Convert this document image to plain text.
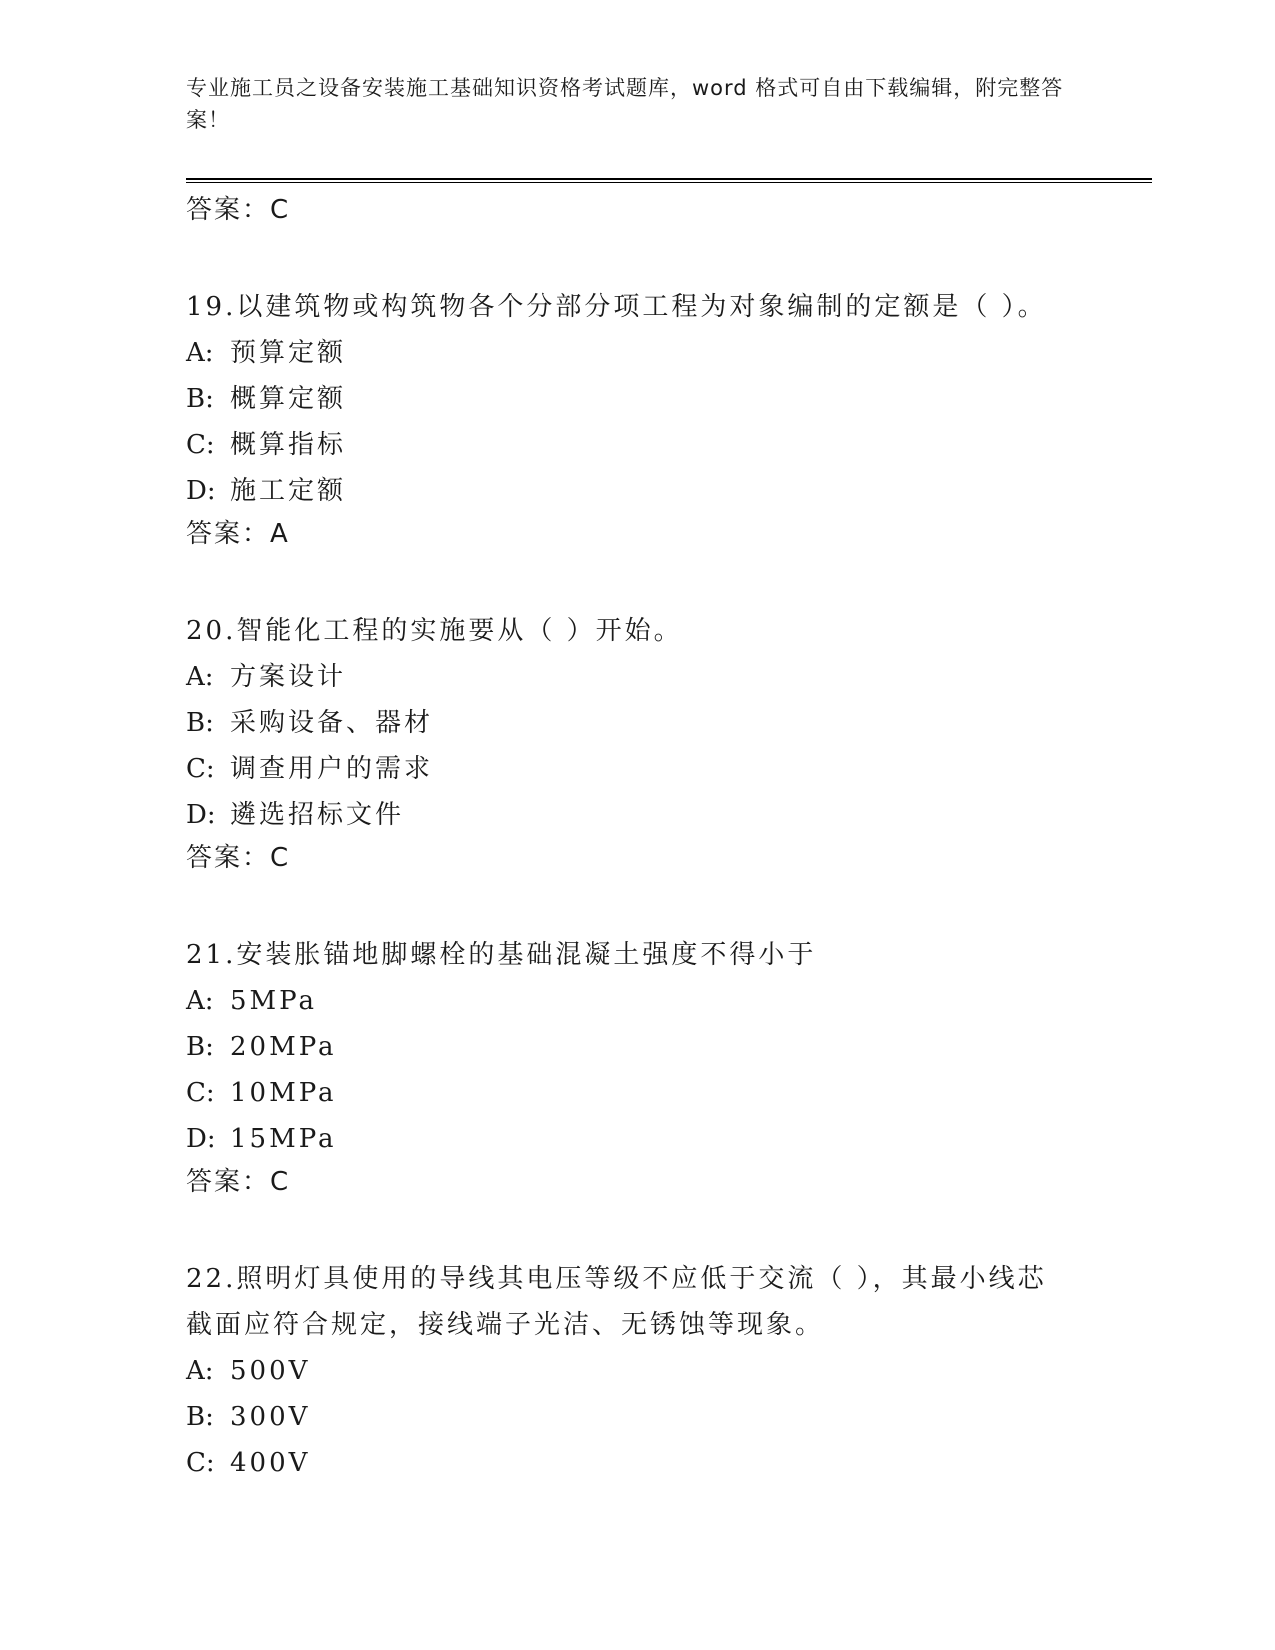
专业施工员之设备安装施工基础知识资格考试题库，word 格式可自由下载编辑，附完整答案！
答案：C
19.以建筑物或构筑物各个分部分项工程为对象编制的定额是（ ）。
A: 预算定额
B: 概算定额
C: 概算指标
D: 施工定额
答案：A
20.智能化工程的实施要从（ ）开始。
A: 方案设计
B: 采购设备、器材
C: 调查用户的需求
D: 遴选招标文件
答案：C
21.安装胀锚地脚螺栓的基础混凝土强度不得小于
A: 5MPa
B: 20MPa
C: 10MPa
D: 15MPa
答案：C
22.照明灯具使用的导线其电压等级不应低于交流（ ），其最小线芯截面应符合规定，接线端子光洁、无锈蚀等现象。
A: 500V
B: 300V
C: 400V
